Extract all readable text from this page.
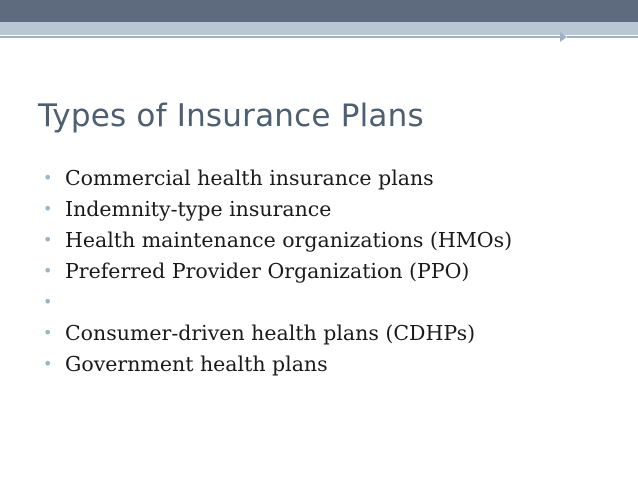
Types of Insurance Plans
• Commercial health insurance plans
• Indemnity-type insurance
• Health maintenance organizations (HMOs)
• Preferred Provider Organization (PPO)
•
• Consumer-driven health plans (CDHPs)
• Government health plans
